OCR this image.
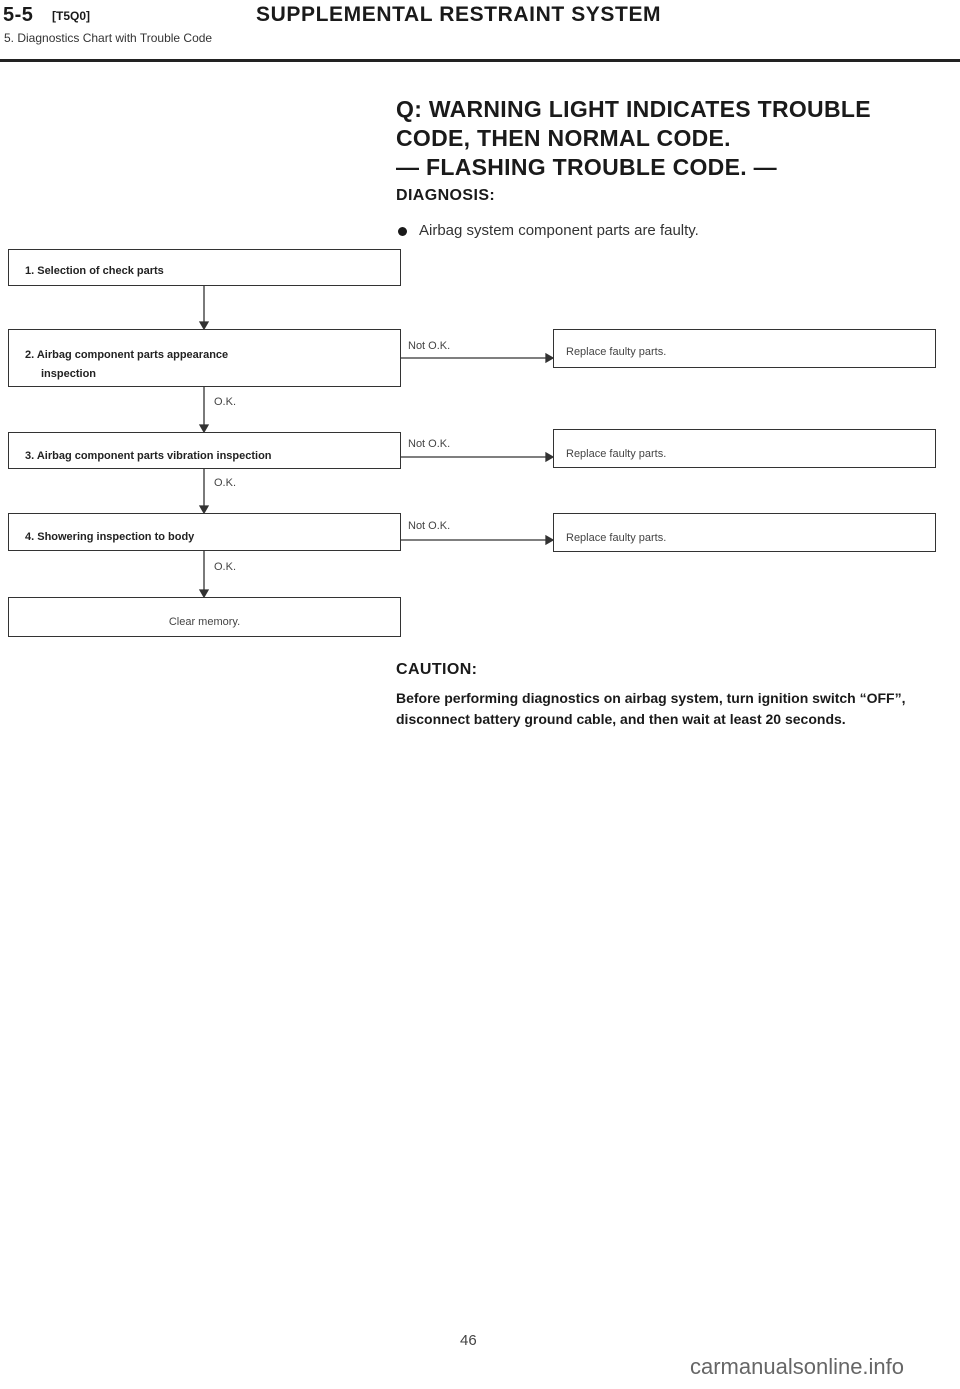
5-5 [T5Q0]	SUPPLEMENTAL RESTRAINT SYSTEM
5. Diagnostics Chart with Trouble Code
Q: WARNING LIGHT INDICATES TROUBLE
CODE, THEN NORMAL CODE.
— FLASHING TROUBLE CODE. —
DIAGNOSIS:
Airbag system component parts are faulty.
1. Selection of check parts
2. Airbag component parts appearance
inspection
3. Airbag component parts vibration inspection
4. Showering inspection to body
Clear memory.
O.K.
O.K.
O.K.
Not O.K.
Not O.K.
Not O.K.
Replace faulty parts.
Replace faulty parts.
Replace faulty parts.
CAUTION:
Before performing diagnostics on airbag system, turn ignition switch “OFF”, disconnect battery ground cable, and then wait at least 20 seconds.
46
carmanualsonline.info
